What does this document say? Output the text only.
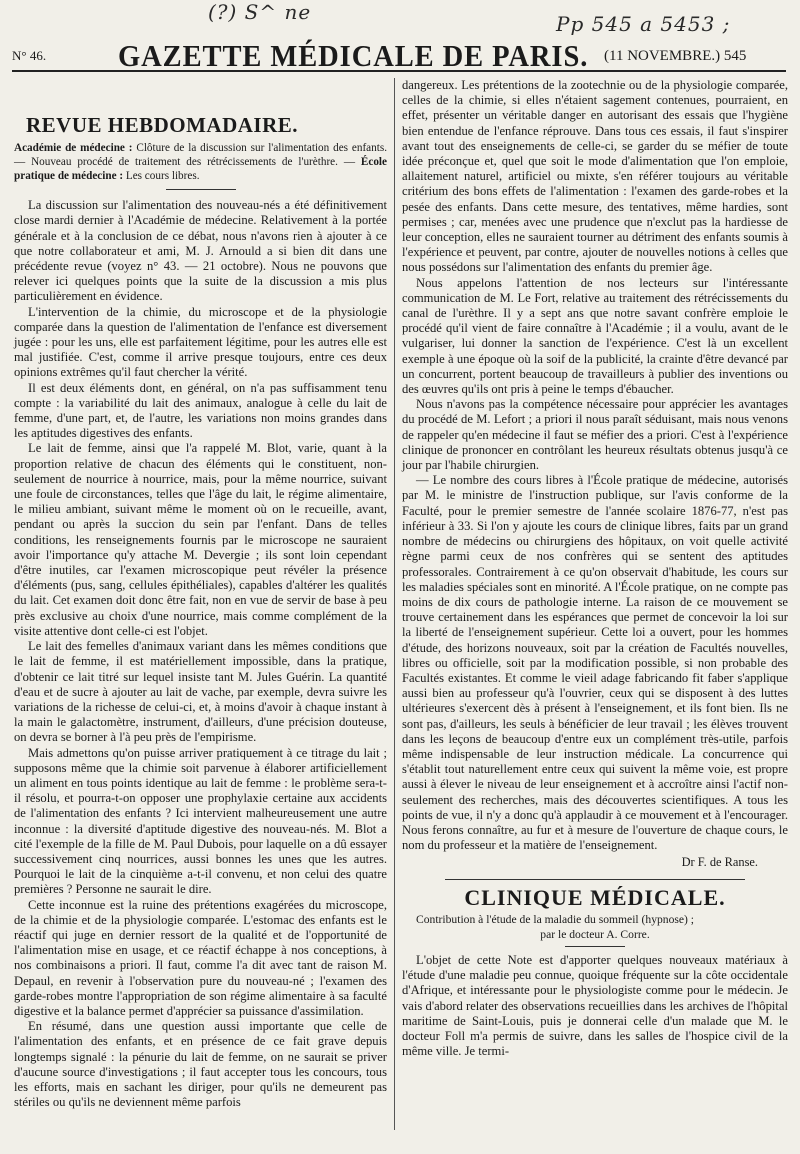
(?) S^ ne	Pp 545 a 5453 ;
N° 46. GAZETTE MÉDICALE DE PARIS. (11 NOVEMBRE.) 545
REVUE HEBDOMADAIRE.
Académie de médecine : Clôture de la discussion sur l'alimentation des enfants. — Nouveau procédé de traitement des rétrécissements de l'urèthre. — École pratique de médecine : Les cours libres.

La discussion sur l'alimentation des nouveau-nés a été définitivement close mardi dernier à l'Académie de médecine. Relativement à la portée générale et à la conclusion de ce débat, nous n'avons rien à ajouter à ce que notre collaborateur et ami, M. J. Arnould a si bien dit dans une précédente revue (voyez n° 43. — 21 octobre). Nous ne pouvons que relever ici quelques points que la suite de la discussion a mis plus particulièrement en évidence.

L'intervention de la chimie, du microscope et de la physiologie comparée dans la question de l'alimentation de l'enfance est diversement jugée : pour les uns, elle est parfaitement légitime, pour les autres elle est mal justifiée. C'est, comme il arrive presque toujours, entre ces deux opinions extrêmes qu'il faut chercher la vérité.

Il est deux éléments dont, en général, on n'a pas suffisamment tenu compte : la variabilité du lait des animaux, analogue à celle du lait de femme, d'une part, et, de l'autre, les variations non moins grandes dans les aptitudes digestives des enfants.

Le lait de femme, ainsi que l'a rappelé M. Blot, varie, quant à la proportion relative de chacun des éléments qui le constituent, non-seulement de nourrice à nourrice, mais, pour la même nourrice, suivant une foule de circonstances, telles que l'âge du lait, le régime alimentaire, le milieu ambiant, suivant même le moment où on le recueille, avant, pendant ou après la succion du sein par l'enfant. Dans de telles conditions, les renseignements fournis par le microscope ne sauraient avoir l'importance qu'y attache M. Devergie ; ils sont loin cependant d'être inutiles, car l'examen microscopique peut révéler la présence d'éléments (pus, sang, cellules épithéliales), capables d'altérer les qualités du lait. Cet examen doit donc être fait, non en vue de servir de base à peu près exclusive au choix d'une nourrice, mais comme complément de la visite attentive dont celle-ci est l'objet.

Le lait des femelles d'animaux variant dans les mêmes conditions que le lait de femme, il est matériellement impossible, dans la pratique, d'obtenir ce lait titré sur lequel insiste tant M. Jules Guérin. La quantité d'eau et de sucre à ajouter au lait de vache, par exemple, devra suivre les variations de la richesse de celui-ci, et, à moins d'avoir à chaque instant à la main le galactomètre, instrument, d'ailleurs, d'une précision douteuse, on devra se borner à l'à peu près de l'empirisme.

Mais admettons qu'on puisse arriver pratiquement à ce titrage du lait ; supposons même que la chimie soit parvenue à élaborer artificiellement un aliment en tous points identique au lait de femme : le problème sera-t-il résolu, et pourra-t-on opposer une prophylaxie certaine aux accidents de l'alimentation des enfants ? Ici intervient malheureusement une autre inconnue : la diversité d'aptitude digestive des nouveau-nés. M. Blot a cité l'exemple de la fille de M. Paul Dubois, pour laquelle on a dû essayer successivement cinq nourrices, aussi bonnes les unes que les autres. Pourquoi le lait de la cinquième a-t-il convenu, et non celui des quatre premières ? Personne ne saurait le dire.

Cette inconnue est la ruine des prétentions exagérées du microscope, de la chimie et de la physiologie comparée. L'estomac des enfants est le réactif qui juge en dernier ressort de la qualité et de l'opportunité de l'alimentation mise en usage, et ce réactif échappe à nos conceptions, à nos combinaisons a priori. Il faut, comme l'a dit avec tant de raison M. Depaul, en revenir à l'observation pure du nouveau-né ; l'examen des garde-robes montre l'appropriation de son régime alimentaire à sa faculté digestive et la balance permet d'apprécier sa puissance d'assimilation.

En résumé, dans une question aussi importante que celle de l'alimentation des enfants, et en présence de ce fait grave depuis longtemps signalé : la pénurie du lait de femme, on ne saurait se priver d'aucune source d'investigations ; il faut accepter tous les concours, tous les efforts, mais en sachant les diriger, pour qu'ils ne demeurent pas stériles ou qu'ils ne deviennent même parfois

dangereux. Les prétentions de la zootechnie ou de la physiologie comparée, celles de la chimie, si elles n'étaient sagement contenues, pourraient, en effet, présenter un véritable danger en autorisant des essais que l'hygiène bien entendue de l'enfance réprouve. Dans tous ces essais, il faut s'inspirer avant tout des enseignements de celle-ci, se garder du se méfier de toute idée préconçue et, quel que soit le mode d'alimentation que l'on emploie, allaitement naturel, artificiel ou mixte, s'en référer toujours au véritable critérium des bons effets de l'alimentation : l'examen des garde-robes et la pesée des enfants. Dans cette mesure, des tentatives, même hardies, sont permises ; car, menées avec une prudence que n'exclut pas la hardiesse de leur conception, elles ne sauraient tourner au détriment des enfants soumis à l'expérience et peuvent, par contre, ajouter de nouvelles notions à celles que nous possédons sur l'alimentation des enfants du premier âge.

Nous appelons l'attention de nos lecteurs sur l'intéressante communication de M. Le Fort, relative au traitement des rétrécissements du canal de l'urèthre. Il y a sept ans que notre savant confrère emploie le procédé qu'il vient de faire connaître à l'Académie ; il a voulu, avant de le vulgariser, lui donner la sanction de l'expérience. C'est là un excellent exemple à une époque où la soif de la publicité, la crainte d'être devancé par un concurrent, portent beaucoup de travailleurs à publier des inventions ou des œuvres qu'ils ont pris à peine le temps d'ébaucher.

Nous n'avons pas la compétence nécessaire pour apprécier les avantages du procédé de M. Lefort ; a priori il nous paraît séduisant, mais nous venons de rappeler qu'en médecine il faut se méfier des a priori. C'est à l'expérience clinique de prononcer en contrôlant les heureux résultats obtenus jusqu'à ce jour par l'habile chirurgien.

— Le nombre des cours libres à l'École pratique de médecine, autorisés par M. le ministre de l'instruction publique, sur l'avis conforme de la Faculté, pour le premier semestre de l'année scolaire 1876-77, n'est pas inférieur à 33. Si l'on y ajoute les cours de clinique libres, faits par un grand nombre de médecins ou chirurgiens des hôpitaux, on voit quelle activité règne parmi ceux de nos confrères qui se sentent des aptitudes professorales. Contrairement à ce qu'on observait d'habitude, les cours sur les maladies spéciales sont en minorité. A l'École pratique, on ne compte pas moins de dix cours de pathologie interne. La raison de ce mouvement se trouve certainement dans les espérances que permet de concevoir la loi sur la liberté de l'enseignement supérieur. Cette loi a ouvert, pour les hommes d'étude, des horizons nouveaux, soit par la création de Facultés nouvelles, libres ou officielle, soit par la modification possible, si non probable des Facultés existantes. Et comme le vieil adage fabricando fit faber s'applique aussi bien au professeur qu'à l'ouvrier, ceux qui se disposent à des luttes ultérieures s'exercent dès à présent à l'enseignement, et ils font bien. Ils ne sont pas, d'ailleurs, les seuls à bénéficier de leur travail ; les élèves trouvent dans les leçons de beaucoup d'entre eux un complément très-utile, parfois même indispensable de leur instruction médicale. La concurrence qui s'établit tout naturellement entre ceux qui suivent la même voie, est propre aussi à élever le niveau de leur enseignement et à accroître ainsi l'actif non-seulement des recherches, mais des découvertes scientifiques. A tous les points de vue, il n'y a donc qu'à applaudir à ce mouvement et à l'encourager. Nous ferons connaître, au fur et à mesure de l'ouverture de chaque cours, le nom du professeur et la matière de l'enseignement.

Dr F. de Ranse.
CLINIQUE MÉDICALE.

Contribution à l'étude de la maladie du sommeil (hypnose) ;

par le docteur A. Corre.

L'objet de cette Note est d'apporter quelques nouveaux matériaux à l'étude d'une maladie peu connue, quoique fréquente sur la côte occidentale d'Afrique, et intéressante pour le physiologiste comme pour le médecin. Je vais d'abord relater des observations recueillies dans les archives de l'hôpital maritime de Saint-Louis, puis je donnerai celle d'un malade que M. le docteur Foll m'a permis de suivre, dans les salles de l'hospice civil de la même ville. Je termi-
